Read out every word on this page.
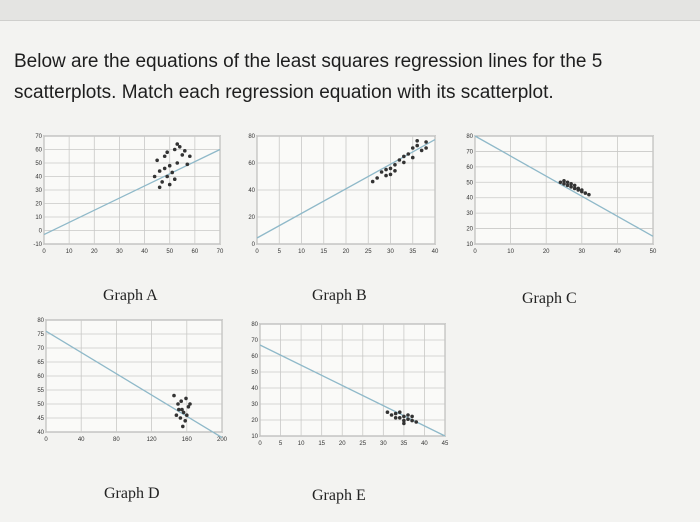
Below are the equations of the least squares regression lines for the 5
scatterplots. Match each regression equation with its scatterplot.

0	10	20	30	40	50	60	70
70
60
50
40
30
20
10
0
-10
Graph A
0	5	10	15	20	25	30	35	40
80
60
40
20
0
Graph B
0	10	20	30	40	50
80
70
60
50
40
30
20
10
Graph C
0	40	80	120	160	200
80
75
70
65
60
55
50
45
40
Graph D
0	5	10 15 20 25 30 35 40 45
80
70
60
50
40
30
20
10
Graph E
